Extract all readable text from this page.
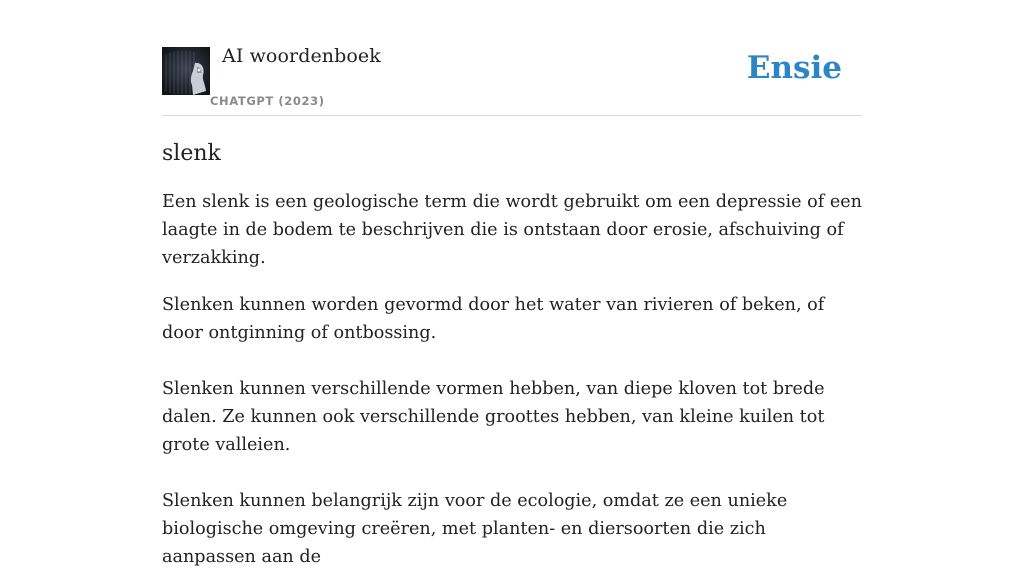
AI woordenboek
CHATGPT (2023)
Ensie
slenk

Een slenk is een geologische term die wordt gebruikt om een depressie of een laagte in de bodem te beschrijven die is ontstaan door erosie, afschuiving of verzakking.

Slenken kunnen worden gevormd door het water van rivieren of beken, of door ontginning of ontbossing.

Slenken kunnen verschillende vormen hebben, van diepe kloven tot brede dalen. Ze kunnen ook verschillende groottes hebben, van kleine kuilen tot grote valleien.

Slenken kunnen belangrijk zijn voor de ecologie, omdat ze een unieke biologische omgeving creëren, met planten- en diersoorten die zich aanpassen aan de
